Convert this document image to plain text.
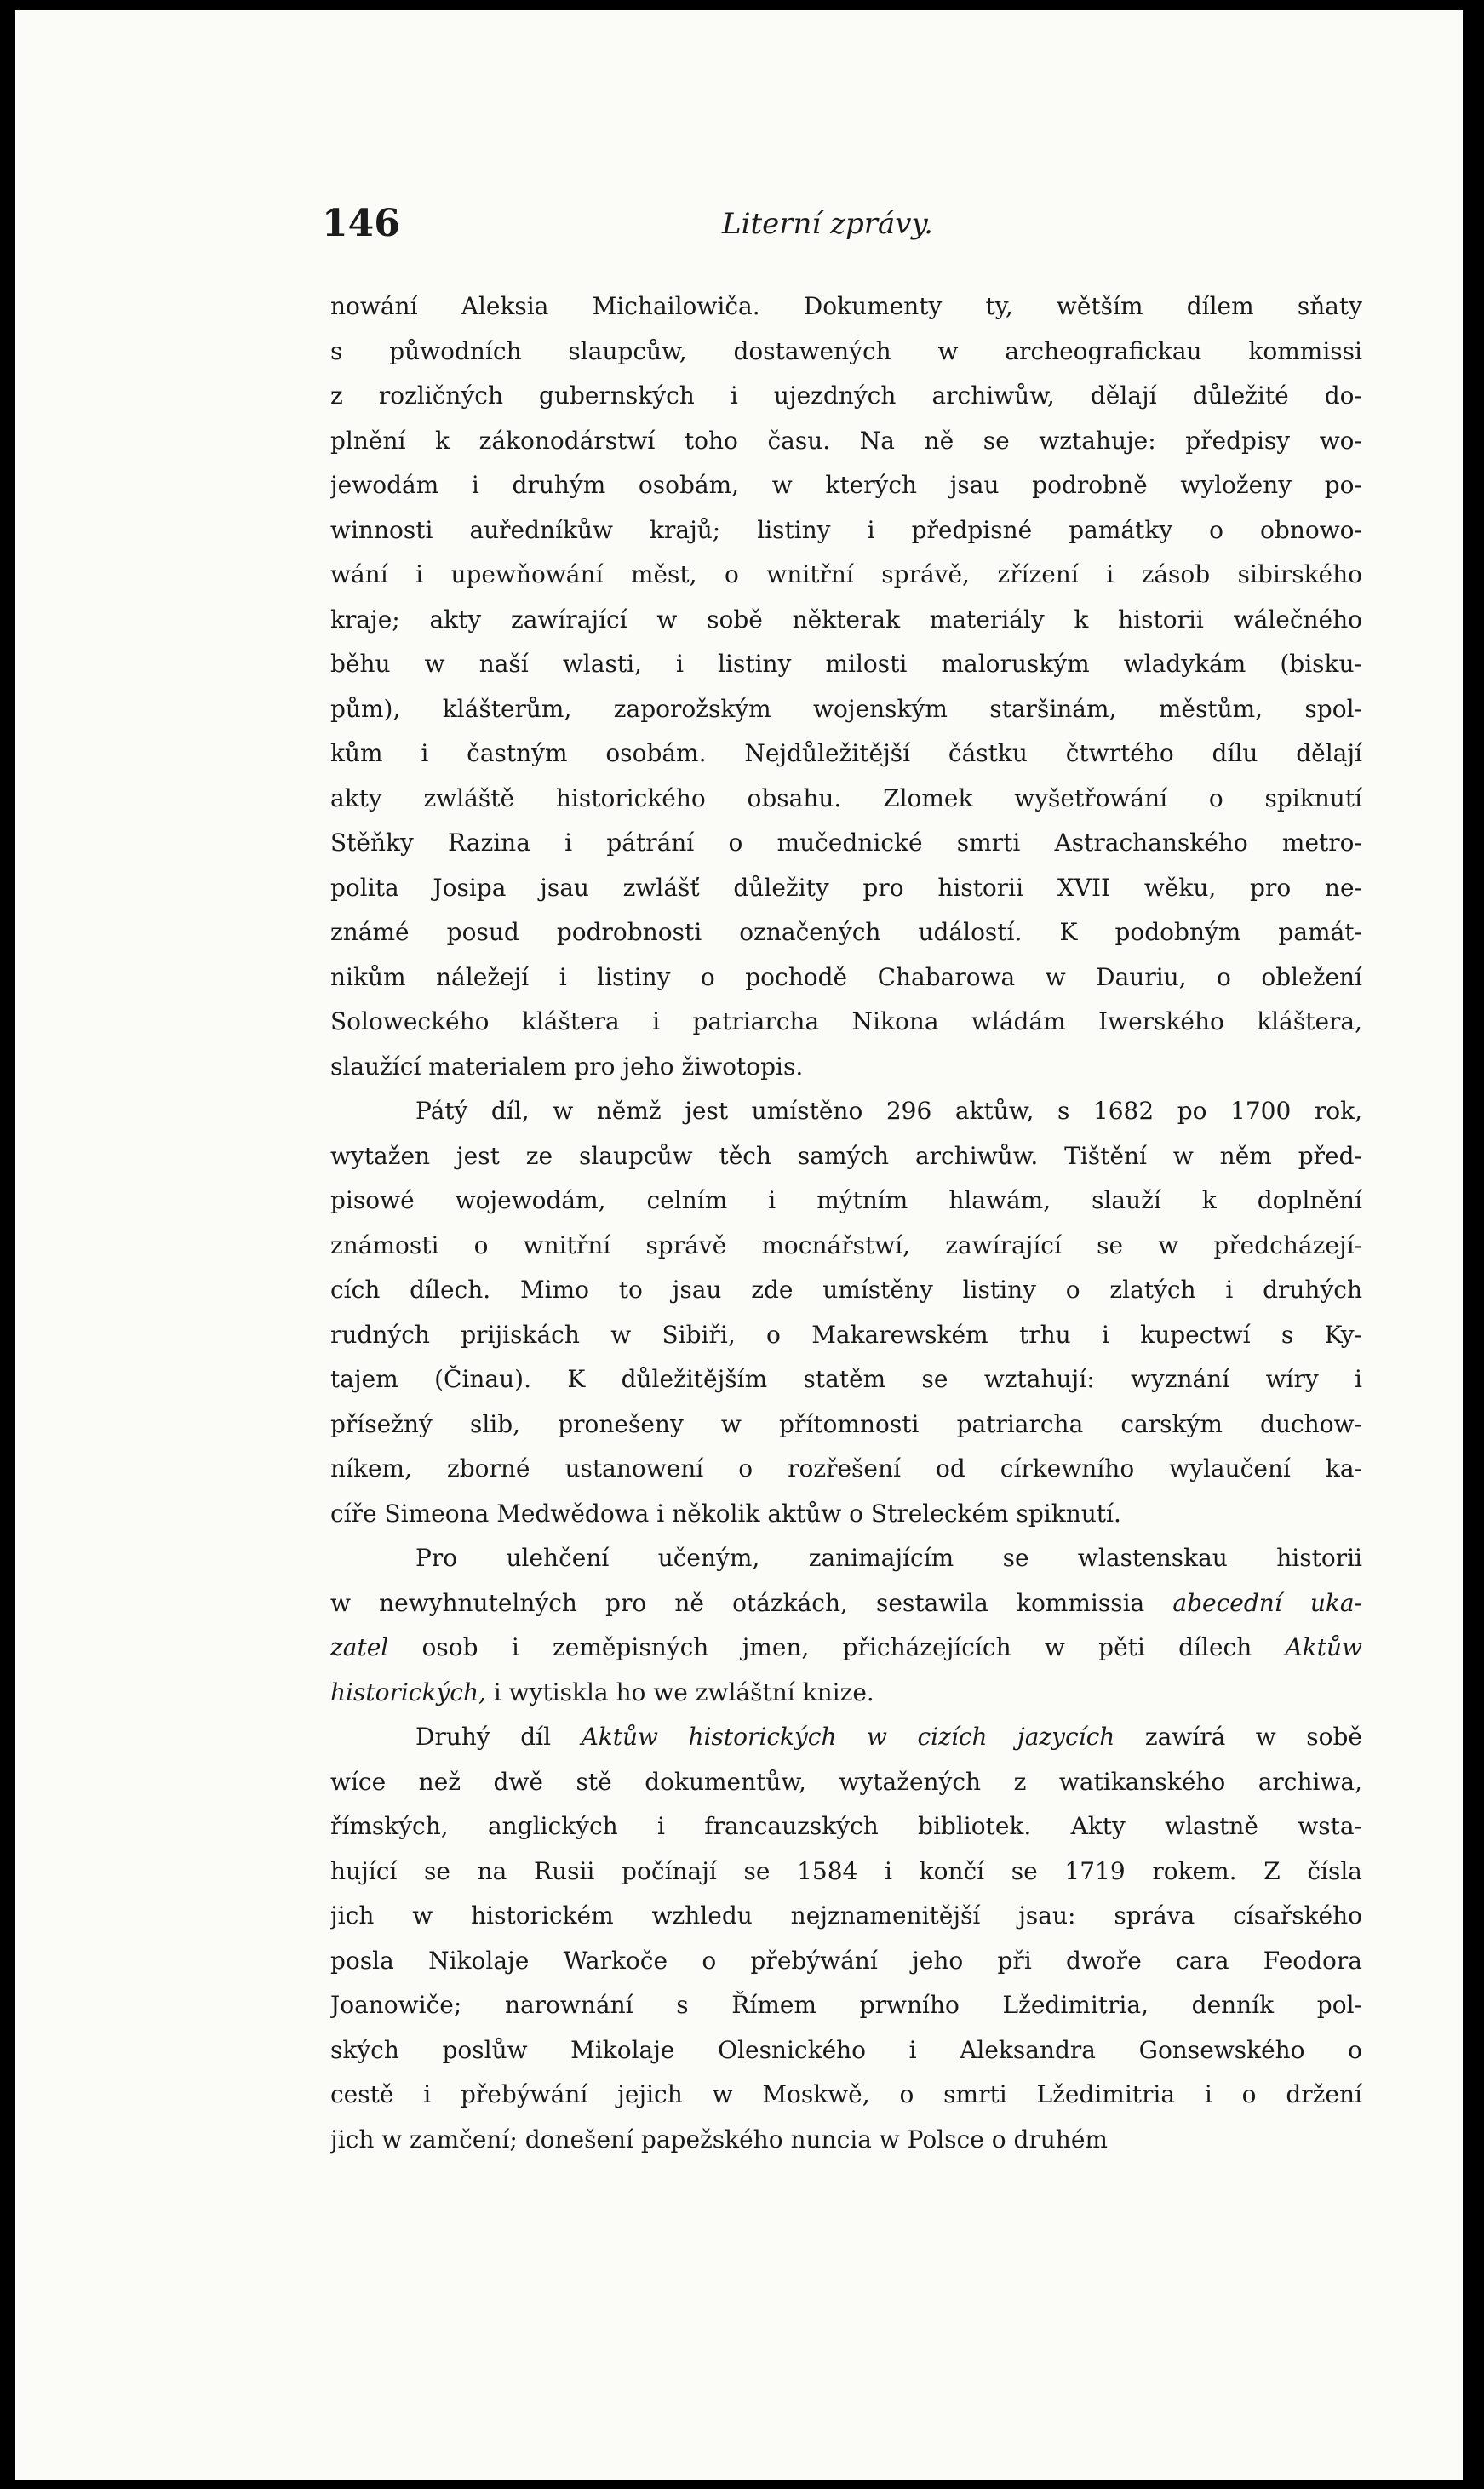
146	Literní zprávy.
nowání Aleksia Michailowiča. Dokumenty ty, wětším dílem sňaty
s půwodních slaupcůw, dostawených w archeografickau kommissi
z rozličných gubernských i ujezdných archiwůw, dělají důležité do-
plnění k zákonodárstwí toho času. Na ně se wztahuje: předpisy wo-
jewodám i druhým osobám, w kterých jsau podrobně wyloženy po-
winnosti auředníkůw krajů; listiny i předpisné památky o obnowo-
wání i upewňowání měst, o wnitřní správě, zřízení i zásob sibirského
kraje; akty zawírající w sobě některak materiály k historii wálečného
běhu w naší wlasti, i listiny milosti maloruským wladykám (bisku-
pům), klášterům, zaporožským wojenským staršinám, městům, spol-
kům i častným osobám. Nejdůležitější částku čtwrtého dílu dělají
akty zwláště historického obsahu. Zlomek wyšetřowání o spiknutí
Stěňky Razina i pátrání o mučednické smrti Astrachanského metro-
polita Josipa jsau zwlášť důležity pro historii XVII wěku, pro ne-
známé posud podrobnosti označených událostí. K podobným památ-
nikům náležejí i listiny o pochodě Chabarowa w Dauriu, o obležení
Soloweckého kláštera i patriarcha Nikona wládám Iwerského kláštera,
slaužící materialem pro jeho žiwotopis.
Pátý díl, w němž jest umístěno 296 aktůw, s 1682 po 1700 rok,
wytažen jest ze slaupcůw těch samých archiwůw. Tištění w něm před-
pisowé wojewodám, celním i mýtním hlawám, slauží k doplnění
známosti o wnitřní správě mocnářstwí, zawírající se w předcházejí-
cích dílech. Mimo to jsau zde umístěny listiny o zlatých i druhých
rudných prijiskách w Sibiři, o Makarewském trhu i kupectwí s Ky-
tajem (Činau). K důležitějším statěm se wztahují: wyznání wíry i
přísežný slib, pronešeny w přítomnosti patriarcha carským duchow-
níkem, zborné ustanowení o rozřešení od církewního wylaučení ka-
cíře Simeona Medwědowa i několik aktůw o Streleckém spiknutí.
Pro ulehčení učeným, zanimajícím se wlastenskau historii
w newyhnutelných pro ně otázkách, sestawila kommissia abecední uka-
zatel osob i zeměpisných jmen, přicházejících w pěti dílech Aktůw
historických, i wytiskla ho we zwláštní knize.
Druhý díl Aktůw historických w cizích jazycích zawírá w sobě
wíce než dwě stě dokumentůw, wytažených z watikanského archiwa,
římských, anglických i francauzských bibliotek. Akty wlastně wsta-
hující se na Rusii počínají se 1584 i končí se 1719 rokem. Z čísla
jich w historickém wzhledu nejznamenitější jsau: správa císařského
posla Nikolaje Warkoče o přebýwání jeho při dwoře cara Feodora
Joanowiče; narownání s Římem prwního Lžedimitria, denník pol-
ských poslůw Mikolaje Olesnického i Aleksandra Gonsewského o
cestě i přebýwání jejich w Moskwě, o smrti Lžedimitria i o držení
jich w zamčení; donešení papežského nuncia w Polsce o druhém
